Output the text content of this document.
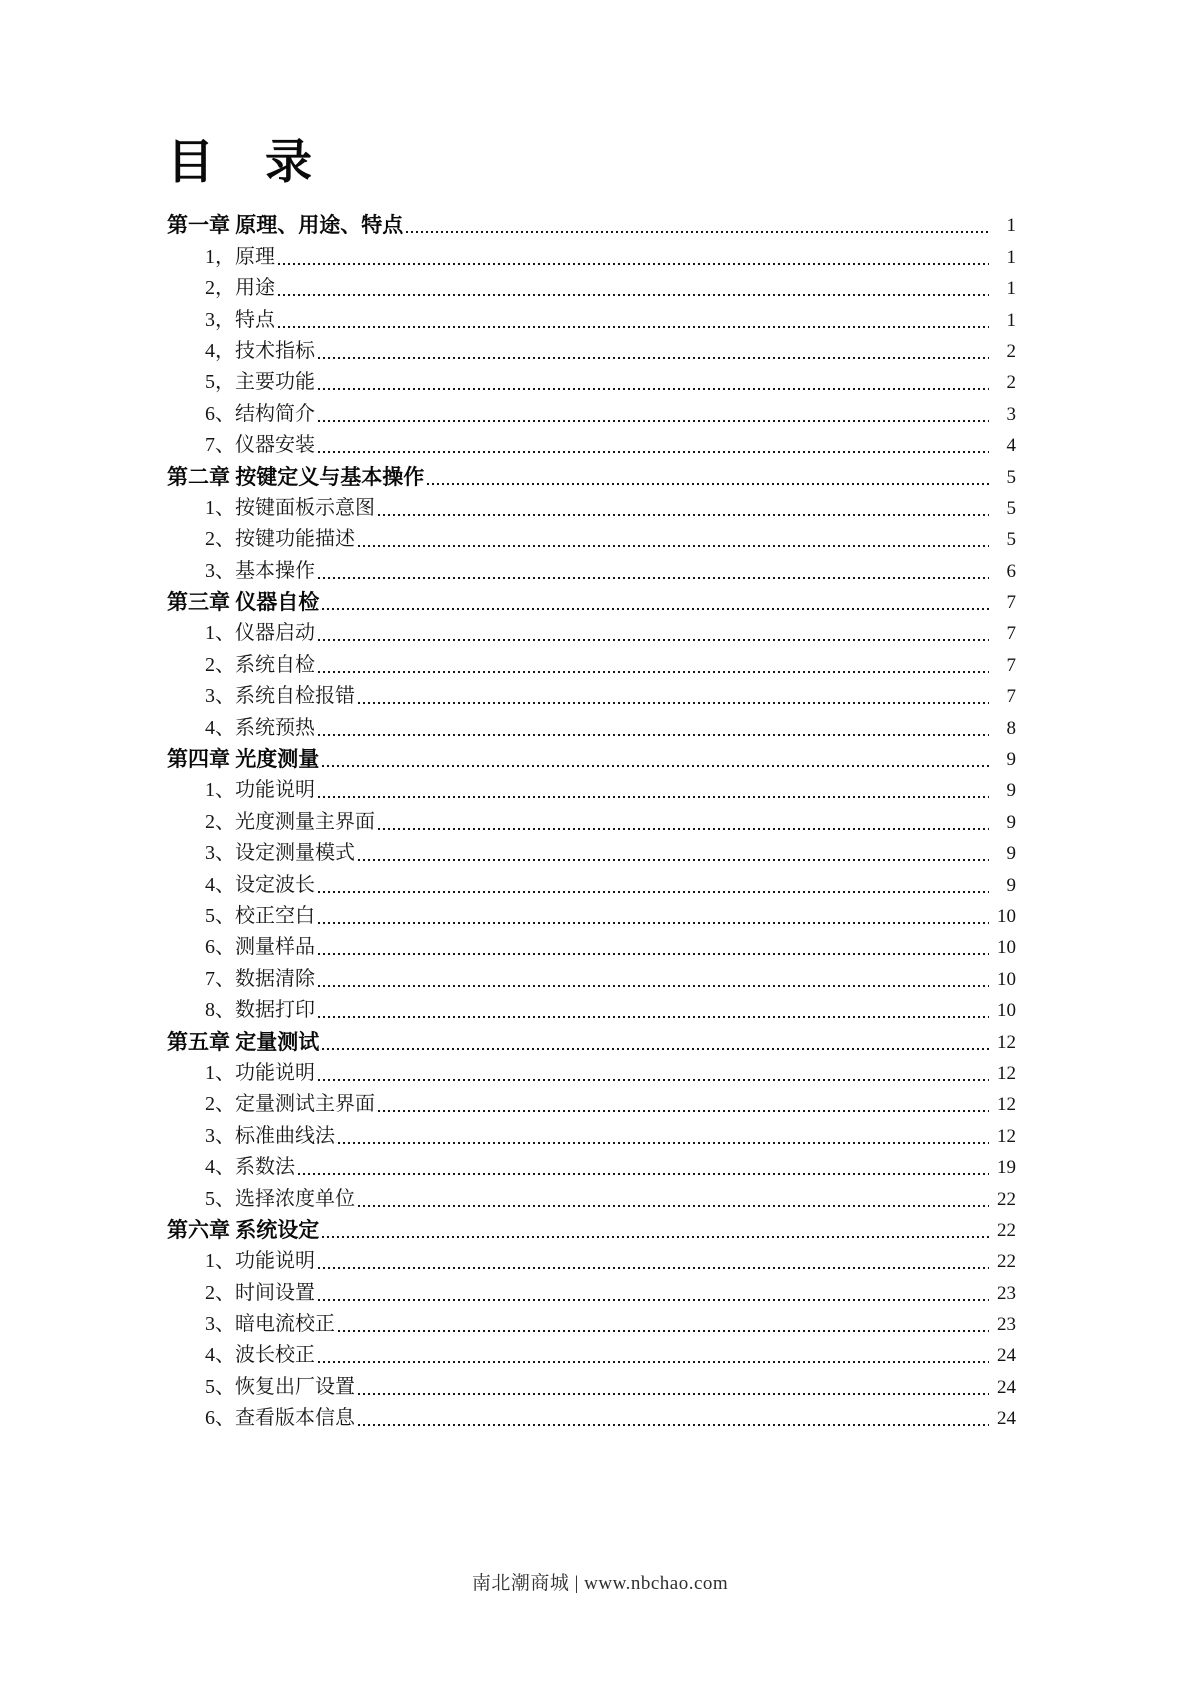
目　录
第一章 原理、用途、特点	1
1，原理	1
2，用途	1
3，特点	1
4，技术指标	2
5，主要功能	2
6、结构简介	3
7、仪器安装	4
第二章 按键定义与基本操作	5
1、按键面板示意图	5
2、按键功能描述	5
3、基本操作	6
第三章 仪器自检	7
1、仪器启动	7
2、系统自检	7
3、系统自检报错	7
4、系统预热	8
第四章 光度测量	9
1、功能说明	9
2、光度测量主界面	9
3、设定测量模式	9
4、设定波长	9
5、校正空白	10
6、测量样品	10
7、数据清除	10
8、数据打印	10
第五章 定量测试	12
1、功能说明	12
2、定量测试主界面	12
3、标准曲线法	12
4、系数法	19
5、选择浓度单位	22
第六章 系统设定	22
1、功能说明	22
2、时间设置	23
3、暗电流校正	23
4、波长校正	24
5、恢复出厂设置	24
6、查看版本信息	24
南北潮商城 | www.nbchao.com
